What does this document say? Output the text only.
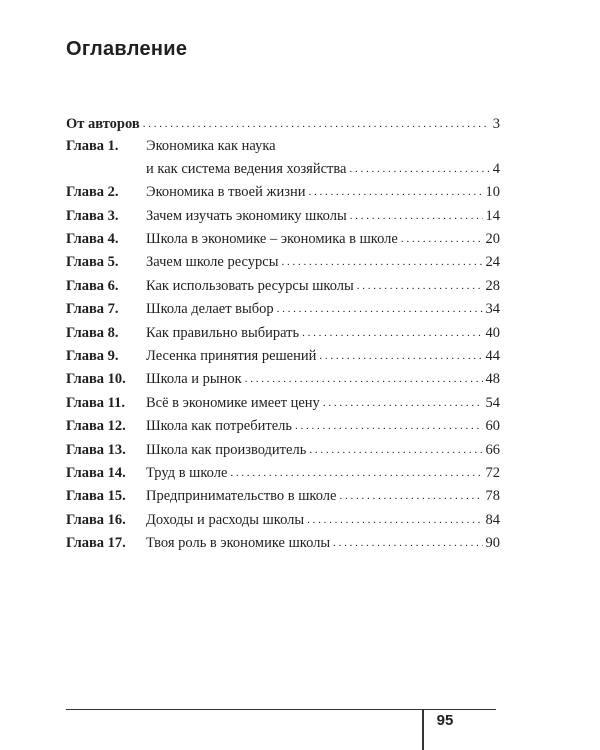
Оглавление
От авторов . . .	3
Глава 1.	Экономика как наука
и как система ведения хозяйства . . .	4
Глава 2.	Экономика в твоей жизни . . .	10
Глава 3.	Зачем изучать экономику школы . . .	14
Глава 4.	Школа в экономике – экономика в школе . . .	20
Глава 5.	Зачем школе ресурсы . . .	24
Глава 6.	Как использовать ресурсы школы . . .	28
Глава 7.	Школа делает выбор . . .	34
Глава 8.	Как правильно выбирать . . .	40
Глава 9.	Лесенка принятия решений . . .	44
Глава 10.	Школа и рынок . . .	48
Глава 11.	Всё в экономике имеет цену . . .	54
Глава 12.	Школа как потребитель . . .	60
Глава 13.	Школа как производитель . . .	66
Глава 14.	Труд в школе . . .	72
Глава 15.	Предпринимательство в школе . . .	78
Глава 16.	Доходы и расходы школы . . .	84
Глава 17.	Твоя роль в экономике школы . . .	90
95
